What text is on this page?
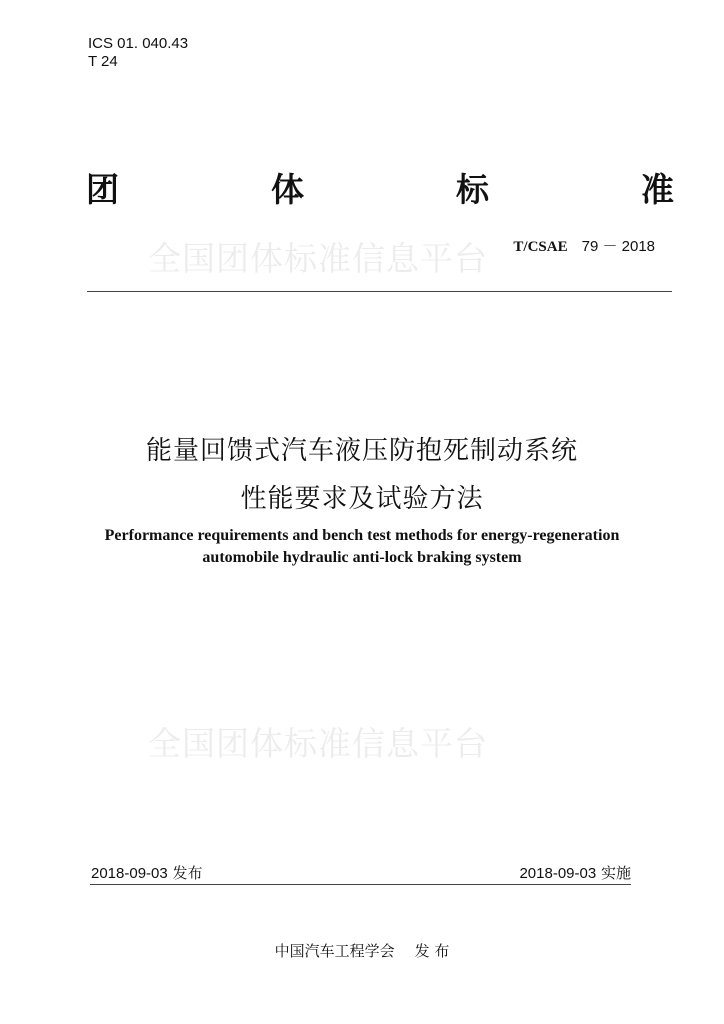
ICS 01. 040.43
T 24
团	体	标	准
全国团体标准信息平台 T/CSAE 79 － 2018
能量回馈式汽车液压防抱死制动系统
性能要求及试验方法
Performance requirements and bench test methods for energy-regeneration
automobile hydraulic anti-lock braking system
全国团体标准信息平台
2018-09-03 发布	2018-09-03 实施
中国汽车工程学会 发 布
